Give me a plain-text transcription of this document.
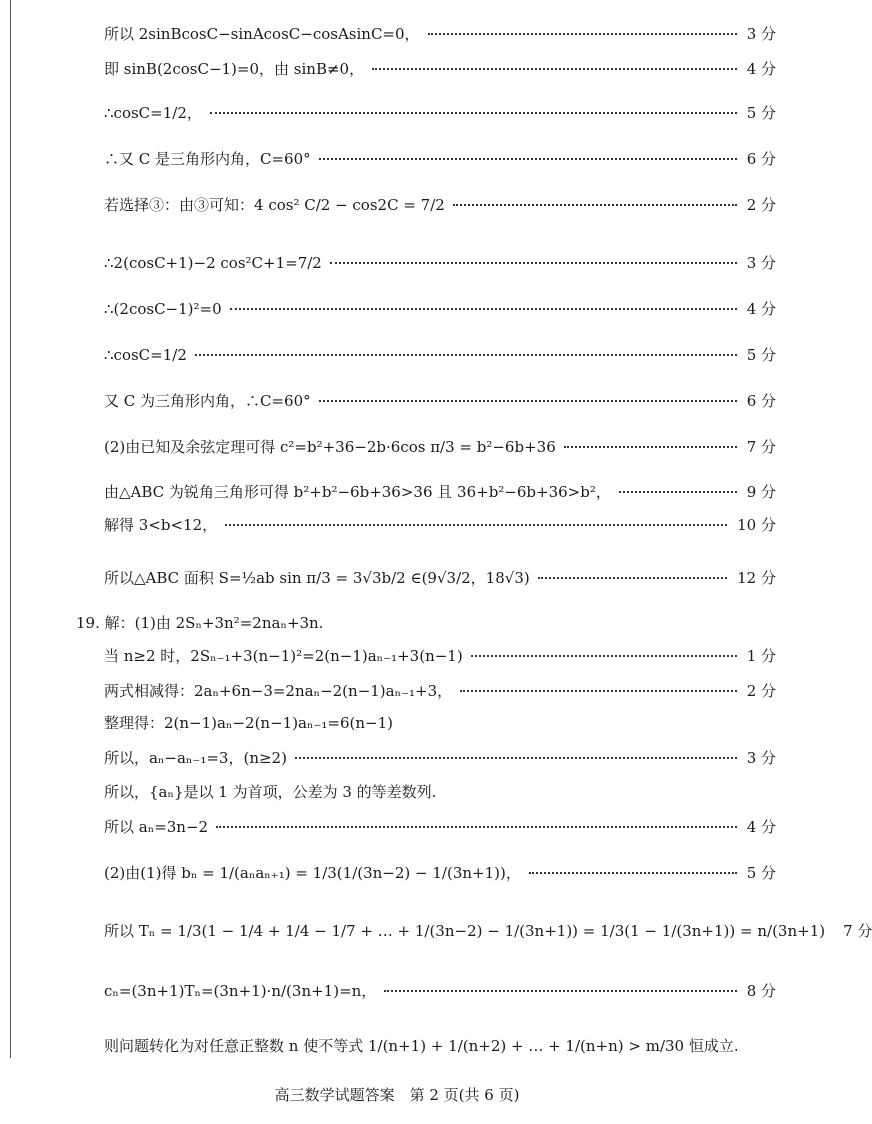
所以 2sinBcosC−sinAcosC−cosAsinC=0，	3 分
即 sinB(2cosC−1)=0，由 sinB≠0，	4 分
∴cosC=1/2，	5 分
∴又 C 是三角形内角，C=60°	6 分
若选择③：由③可知：4 cos² C/2 − cos2C = 7/2	2 分
∴2(cosC+1)−2 cos²C+1=7/2	3 分
∴(2cosC−1)²=0	4 分
∴cosC=1/2	5 分
又 C 为三角形内角，∴C=60°	6 分
(2)由已知及余弦定理可得 c²=b²+36−2b·6cos π/3 = b²−6b+36	7 分
由△ABC 为锐角三角形可得 b²+b²−6b+36>36 且 36+b²−6b+36>b²，	9 分
解得 3<b<12，	10 分
所以△ABC 面积 S=½ab sin π/3 = 3√3b/2 ∈(9√3/2，18√3)	12 分
19. 解：(1)由 2Sₙ+3n²=2naₙ+3n.
当 n≥2 时，2Sₙ₋₁+3(n−1)²=2(n−1)aₙ₋₁+3(n−1)	1 分
两式相减得：2aₙ+6n−3=2naₙ−2(n−1)aₙ₋₁+3，	2 分
整理得：2(n−1)aₙ−2(n−1)aₙ₋₁=6(n−1)
所以，aₙ−aₙ₋₁=3，(n≥2)	3 分
所以，{aₙ}是以 1 为首项，公差为 3 的等差数列.
所以 aₙ=3n−2	4 分
(2)由(1)得 bₙ = 1/(aₙaₙ₊₁) = 1/3(1/(3n−2) − 1/(3n+1))，	5 分
所以 Tₙ = 1/3(1 − 1/4 + 1/4 − 1/7 + … + 1/(3n−2) − 1/(3n+1)) = 1/3(1 − 1/(3n+1)) = n/(3n+1) 7 分
cₙ=(3n+1)Tₙ=(3n+1)·n/(3n+1)=n，	8 分
则问题转化为对任意正整数 n 使不等式 1/(n+1) + 1/(n+2) + … + 1/(n+n) > m/30 恒成立.
高三数学试题答案　第 2 页(共 6 页)
